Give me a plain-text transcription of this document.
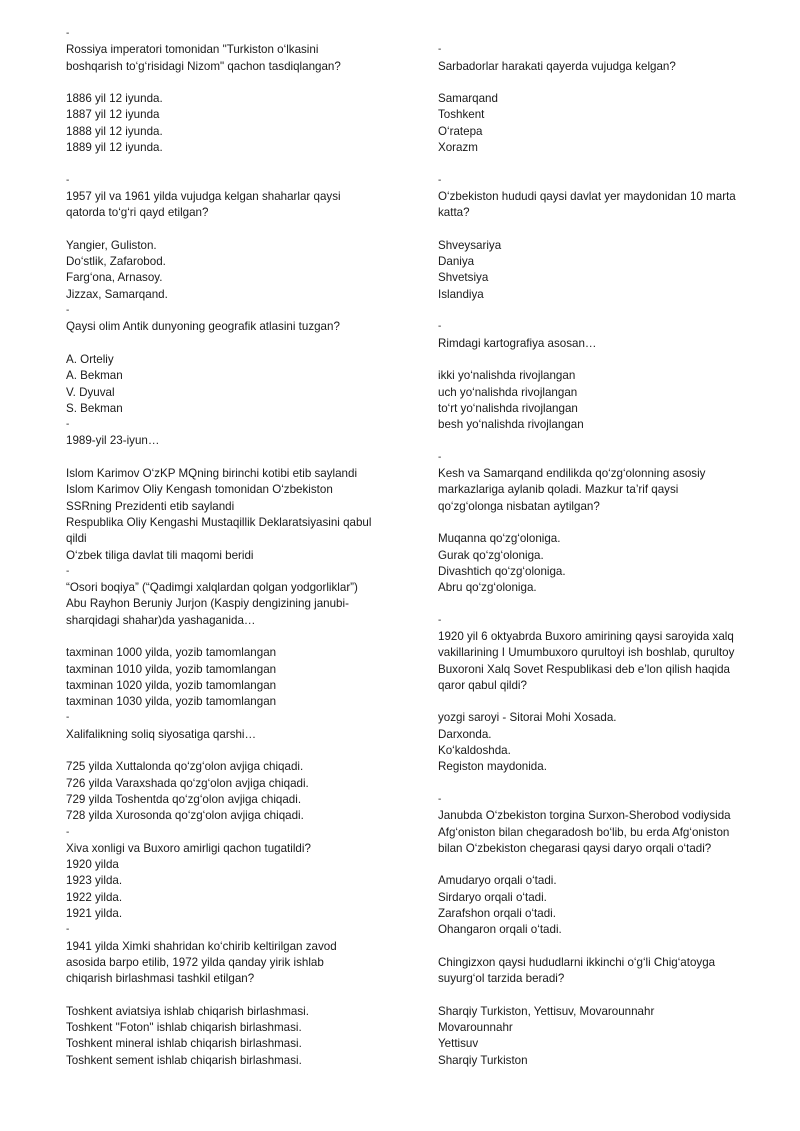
-
Rossiya imperatori tomonidan "Turkiston o‘lkasini
boshqarish to‘g‘risidagi Nizom" qachon tasdiqlangan?
1886 yil 12 iyunda.
1887 yil 12 iyunda
1888 yil 12 iyunda.
1889 yil 12 iyunda.
-
1957 yil va 1961 yilda vujudga kelgan shaharlar qaysi
qatorda to‘g‘ri qayd etilgan?
Yangier, Guliston.
Do‘stlik, Zafarobod.
Farg‘ona, Arnasoy.
Jizzax, Samarqand.
-
Qaysi olim Antik dunyoning geografik atlasini tuzgan?
A. Orteliy
A. Bekman
V. Dyuval
S. Bekman
-
1989-yil 23-iyun…
Islom Karimov O‘zKP MQning birinchi kotibi etib saylandi
Islom Karimov Oliy Kengash tomonidan O‘zbekiston
SSRning Prezidenti etib saylandi
Respublika Oliy Kengashi Mustaqillik Deklaratsiyasini qabul
qildi
O‘zbek tiliga davlat tili maqomi beridi
-
“Osori boqiya” (“Qadimgi xalqlardan qolgan yodgorliklar”)
Abu Rayhon Beruniy Jurjon (Kaspiy dengizining janubi-
sharqidagi shahar)da yashaganida…
taxminan 1000 yilda, yozib tamomlangan
taxminan 1010 yilda, yozib tamomlangan
taxminan 1020 yilda, yozib tamomlangan
taxminan 1030 yilda, yozib tamomlangan
-
Xalifalikning soliq siyosatiga qarshi…
725 yilda Xuttalonda qo‘zg‘olon avjiga chiqadi.
726 yilda Varaxshada qo‘zg‘olon avjiga chiqadi.
729 yilda Toshentda qo‘zg‘olon avjiga chiqadi.
728 yilda Xurosonda qo‘zg‘olon avjiga chiqadi.
-
Xiva xonligi va Buxoro amirligi qachon tugatildi?
1920 yilda
1923 yilda.
1922 yilda.
1921 yilda.
-
1941 yilda Ximki shahridan ko‘chirib keltirilgan zavod
asosida barpo etilib, 1972 yilda qanday yirik ishlab
chiqarish birlashmasi tashkil etilgan?
Toshkent aviatsiya ishlab chiqarish birlashmasi.
Toshkent "Foton" ishlab chiqarish birlashmasi.
Toshkent mineral ishlab chiqarish birlashmasi.
Toshkent sement ishlab chiqarish birlashmasi.
-
Sarbadorlar harakati qayerda vujudga kelgan?
Samarqand
Toshkent
O‘ratepa
Xorazm
-
O‘zbekiston hududi qaysi davlat yer maydonidan 10 marta
katta?
Shveysariya
Daniya
Shvetsiya
Islandiya
-
Rimdagi kartografiya asosan…
ikki yo‘nalishda rivojlangan
uch yo‘nalishda rivojlangan
to‘rt yo‘nalishda rivojlangan
besh yo‘nalishda rivojlangan
-
Kesh va Samarqand endilikda qo‘zg‘olonning asosiy
markazlariga aylanib qoladi. Mazkur ta’rif qaysi
qo‘zg‘olonga nisbatan aytilgan?
Muqanna qo‘zg‘oloniga.
Gurak qo‘zg‘oloniga.
Divashtich qo‘zg‘oloniga.
Abru qo‘zg‘oloniga.
-
1920 yil 6 oktyabrda Buxoro amirining qaysi saroyida xalq
vakillarining I Umumbuxoro qurultoyi ish boshlab, qurultoy
Buxoroni Xalq Sovet Respublikasi deb e’lon qilish haqida
qaror qabul qildi?
yozgi saroyi - Sitorai Mohi Xosada.
Darxonda.
Ko‘kaldoshda.
Registon maydonida.
-
Janubda O‘zbekiston torgina Surxon-Sherobod vodiysida
Afg‘oniston bilan chegaradosh bo‘lib, bu erda Afg‘oniston
bilan O‘zbekiston chegarasi qaysi daryo orqali o‘tadi?
Amudaryo orqali o‘tadi.
Sirdaryo orqali o‘tadi.
Zarafshon orqali o‘tadi.
Ohangaron orqali o‘tadi.
Chingizxon qaysi hududlarni ikkinchi o‘g‘li Chig‘atoyga
suyurg‘ol tarzida beradi?
Sharqiy Turkiston, Yettisuv, Movarounnahr
Movarounnahr
Yettisuv
Sharqiy Turkiston
